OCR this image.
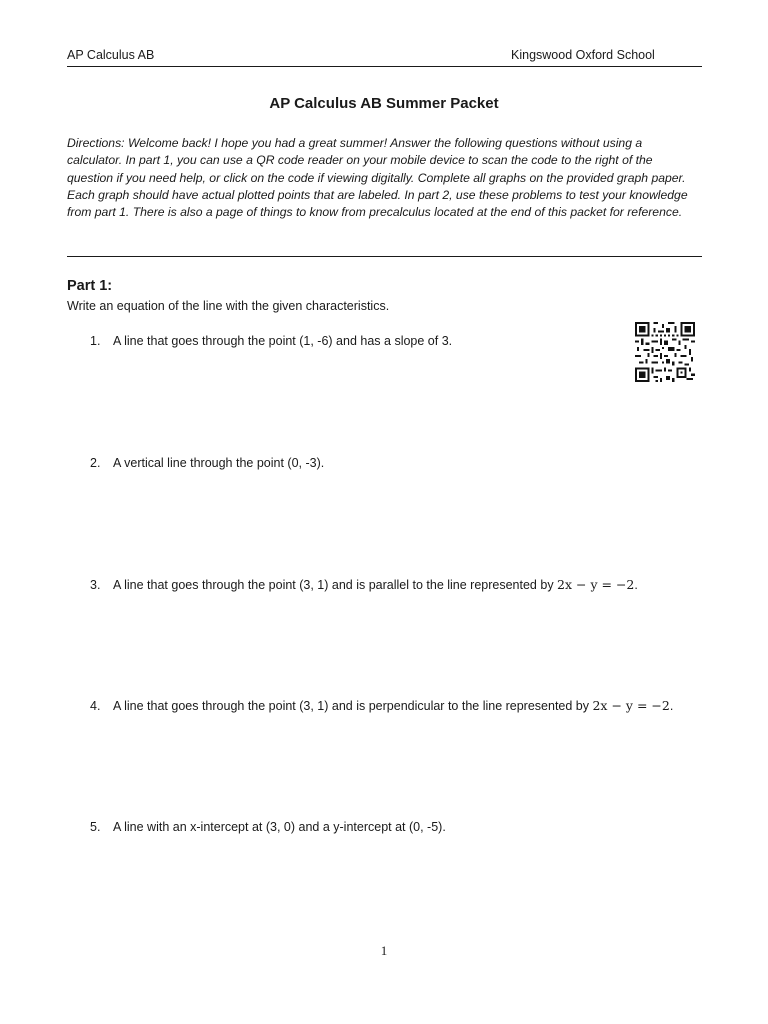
AP Calculus AB	Kingswood Oxford School
AP Calculus AB Summer Packet
Directions: Welcome back! I hope you had a great summer! Answer the following questions without using a calculator. In part 1, you can use a QR code reader on your mobile device to scan the code to the right of the question if you need help, or click on the code if viewing digitally. Complete all graphs on the provided graph paper. Each graph should have actual plotted points that are labeled. In part 2, use these problems to test your knowledge from part 1. There is also a page of things to know from precalculus located at the end of this packet for reference.
Part 1:
Write an equation of the line with the given characteristics.
1. A line that goes through the point (1, -6) and has a slope of 3.
2. A vertical line through the point (0, -3).
3. A line that goes through the point (3, 1) and is parallel to the line represented by 2x − y = −2.
4. A line that goes through the point (3, 1) and is perpendicular to the line represented by 2x − y = −2.
5. A line with an x-intercept at (3, 0) and a y-intercept at (0, -5).
1
